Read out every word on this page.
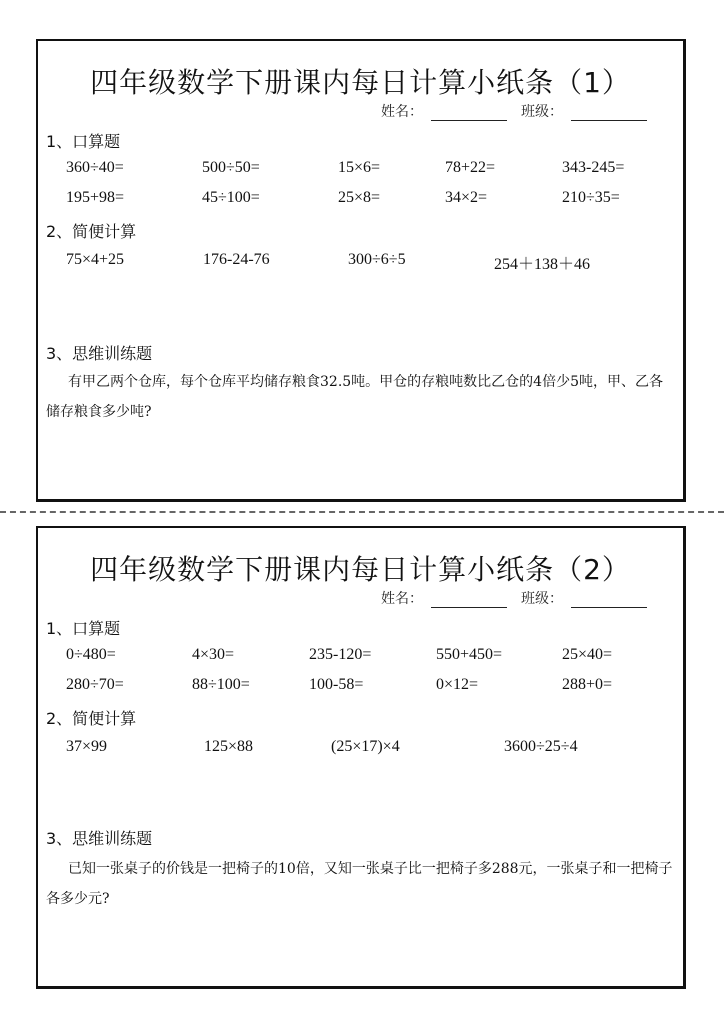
四年级数学下册课内每日计算小纸条（1）
姓名：	班级：
1、口算题
360÷40=	500÷50=	15×6=	78+22=	343-245=
195+98=	45÷100=	25×8=	34×2=	210÷35=
2、简便计算
75×4+25	176-24-76	300÷6÷5	254＋138＋46
3、思维训练题
有甲乙两个仓库，每个仓库平均储存粮食32.5吨。甲仓的存粮吨数比乙仓的4倍少5吨，甲、乙各储存粮食多少吨?
四年级数学下册课内每日计算小纸条（2）
姓名：	班级：
1、口算题
0÷480=	4×30=	235-120=	550+450=	25×40=
280÷70=	88÷100=	100-58=	0×12=	288+0=
2、简便计算
37×99	125×88	(25×17)×4	3600÷25÷4
3、思维训练题
已知一张桌子的价钱是一把椅子的10倍，又知一张桌子比一把椅子多288元，一张桌子和一把椅子各多少元?
